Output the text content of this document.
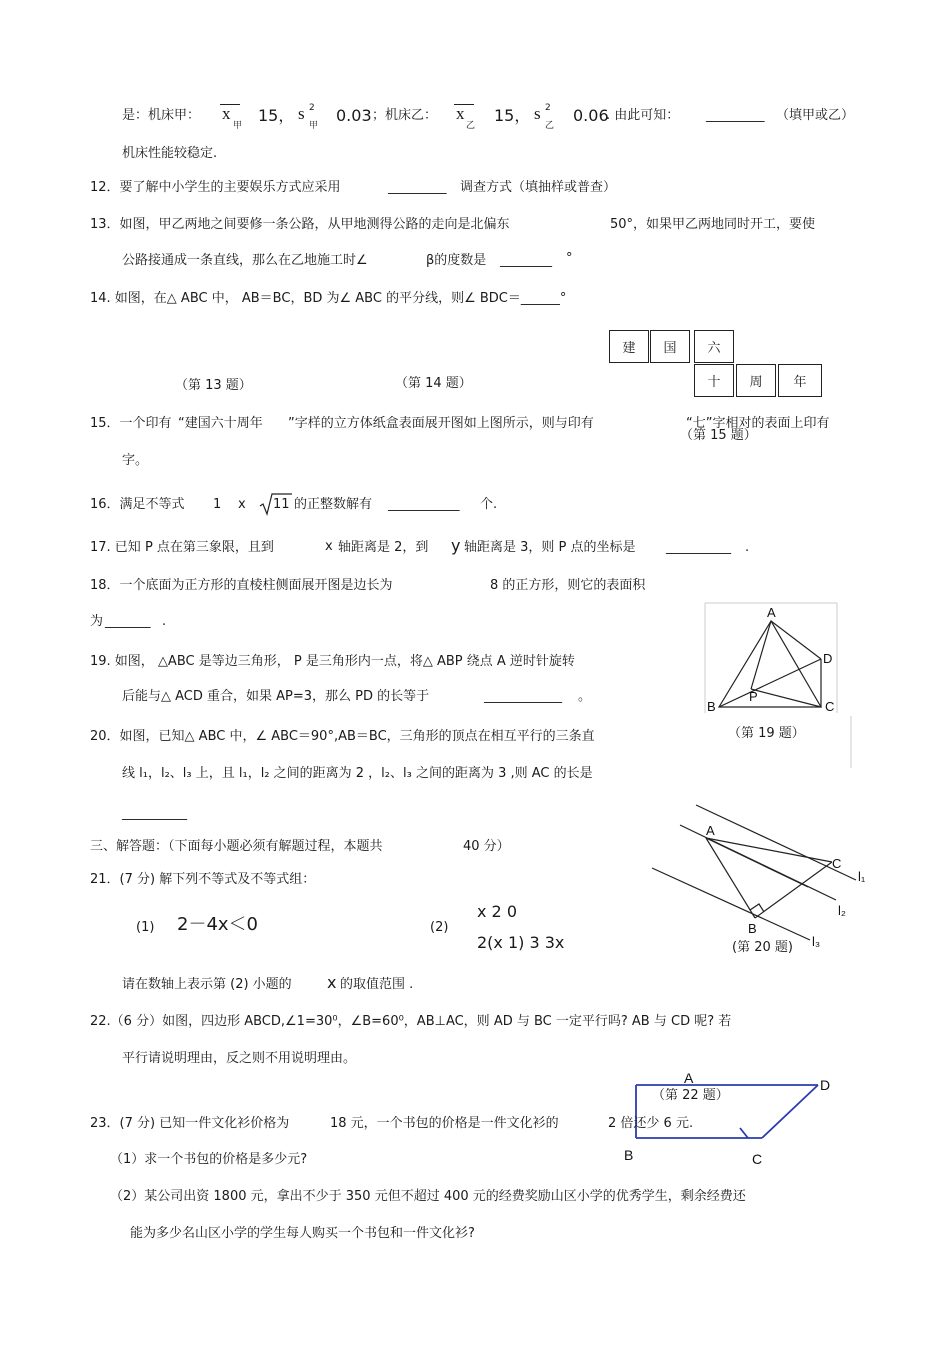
是：机床甲： x
甲
15， s 2
甲
0.03 ；机床乙： x
乙
15， s 2
乙
0.06
. 由此可知： _________ （填甲或乙）
机床性能较稳定.
12．要了解中小学生的主要娱乐方式应采用	_________ 调查方式（填抽样或普查）
13．如图，甲乙两地之间要修一条公路，从甲地测得公路的走向是北偏东	50°，如果甲乙两地同时开工，要使
公路接通成一条直线，那么在乙地施工时∠	β的度数是 ________ °
14. 如图，在△ ABC 中， AB＝BC，BD 为∠ ABC 的平分线，则∠ BDC＝______°
建	国	六
十	周	年
（第 13 题）	（第 14 题）
15．一个印有 “建国六十周年 ”字样的立方体纸盒表面展开图如上图所示，则与印有	“七”字相对的表面上印有
（第 15 题）
字。
16．满足不等式 1 x 11 的正整数解有 ___________ 个.
17. 已知 P 点在第三象限，且到	x 轴距离是 2，到 y 轴距离是 3，则 P 点的坐标是 __________ .
18．一个底面为正方形的直棱柱侧面展开图是边长为	8 的正方形，则它的表面积
为 _______ .
A
B	C
D
P
19. 如图， △ABC 是等边三角形， P 是三角形内一点，将△ ABP 绕点 A 逆时针旋转
后能与△ ACD 重合，如果 AP=3，那么 PD 的长等于	____________ 。
（第 19 题）
20．如图，已知△ ABC 中，∠ ABC＝90°,AB＝BC，三角形的顶点在相互平行的三条直
线 l₁，l₂、l₃ 上，且 l₁，l₂ 之间的距离为 2 ，l₂、l₃ 之间的距离为 3 ,则 AC 的长是
__________
A
B
C
l₁
l₂
l₃
(第 20 题)
三、解答题：（下面每小题必须有解题过程，本题共	40 分）
21．(7 分) 解下列不等式及不等式组：
(1) 2－4x＜0	(2)
x 2 0
2(x 1) 3 3x
请在数轴上表示第 (2) 小题的 x 的取值范围 .
22.（6 分）如图，四边形 ABCD,∠1=30⁰，∠B=60⁰，AB⊥AC，则 AD 与 BC 一定平行吗? AB 与 CD 呢? 若
平行请说明理由，反之则不用说明理由。
A
B	C
D
（第 22 题）
23．(7 分) 已知一件文化衫价格为	18 元，一个书包的价格是一件文化衫的	2 倍还少 6 元.
（1）求一个书包的价格是多少元?
（2）某公司出资 1800 元，拿出不少于 350 元但不超过 400 元的经费奖励山区小学的优秀学生，剩余经费还
能为多少名山区小学的学生每人购买一个书包和一件文化衫?
